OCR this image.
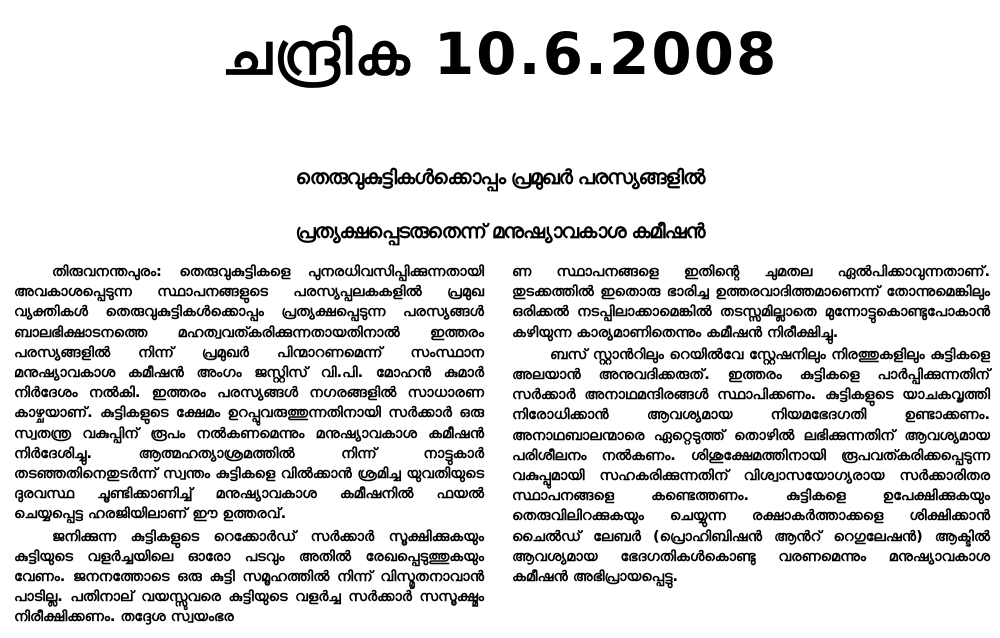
ചന്ദ്രിക 10.6.2008
തെരുവുകുട്ടികൾക്കൊപ്പം പ്രമുഖർ പരസ്യങ്ങളിൽ
പ്രത്യക്ഷപ്പെടരുതെന്ന് മനുഷ്യാവകാശ കമീഷൻ

തിരുവനന്തപുരം: തെരുവുകുട്ടികളെ പുനരധിവസിപ്പിക്കുന്നതായി അവകാശപ്പെടുന്ന സ്ഥാപനങ്ങളുടെ പരസ്യപ്പലകകളിൽ പ്രമുഖ വ്യക്തികൾ തെരുവുകുട്ടികൾക്കൊപ്പം പ്രത്യക്ഷപ്പെടുന്ന പരസ്യങ്ങൾ ബാലഭിക്ഷാടനത്തെ മഹത്വവത്കരിക്കുന്നതായതിനാൽ ഇത്തരം പരസ്യങ്ങളിൽ നിന്ന് പ്രമുഖർ പിന്മാറണമെന്ന് സംസ്ഥാന മനുഷ്യാവകാശ കമീഷൻ അംഗം ജസ്റ്റിസ് വി.പി. മോഹൻ കുമാർ നിർദേശം നൽകി. ഇത്തരം പരസ്യങ്ങൾ നഗരങ്ങളിൽ സാധാരണ കാഴ്ചയാണ്. കുട്ടികളുടെ ക്ഷേമം ഉറപ്പുവരുത്തുന്നതിനായി സർക്കാർ ഒരു സ്വതന്ത്ര വകുപ്പിന് രൂപം നൽകണമെന്നും മനുഷ്യാവകാശ കമീഷൻ നിർദേശിച്ചു. ആത്മഹത്യാശ്രമത്തിൽ നിന്ന് നാട്ടുകാർ തടഞ്ഞതിനെതുടർന്ന് സ്വന്തം കുട്ടികളെ വിൽക്കാൻ ശ്രമിച്ച യുവതിയുടെ ദുരവസ്ഥ ചൂണ്ടിക്കാണിച്ച് മനുഷ്യാവകാശ കമീഷനിൽ ഫയൽ ചെയ്യപ്പെട്ട ഹരജിയിലാണ് ഈ ഉത്തരവ്.

ജനിക്കുന്ന കുട്ടികളുടെ റെക്കോർഡ് സർക്കാർ സൂക്ഷിക്കുകയും കുട്ടിയുടെ വളർച്ചയിലെ ഓരോ പടവും അതിൽ രേഖപ്പെടുത്തുകയും വേണം. ജനനത്തോടെ ഒരു കുട്ടി സമൂഹത്തിൽ നിന്ന് വിസ്മൃതനാവാൻ പാടില്ല. പതിനാല് വയസ്സുവരെ കുട്ടിയുടെ വളർച്ച സർക്കാർ സസൂക്ഷ്മം നിരീക്ഷിക്കണം. തദ്ദേശ സ്വയംഭര

ണ സ്ഥാപനങ്ങളെ ഇതിന്റെ ചുമതല ഏൽപിക്കാവുന്നതാണ്. തുടക്കത്തിൽ ഇതൊരു ഭാരിച്ച ഉത്തരവാദിത്തമാണെന്ന് തോന്നുമെങ്കിലും ഒരിക്കൽ നടപ്പിലാക്കാമെങ്കിൽ തടസ്സമില്ലാതെ മുന്നോട്ടുകൊണ്ടുപോകാൻ കഴിയുന്ന കാര്യമാണിതെന്നും കമീഷൻ നിരീക്ഷിച്ചു.

ബസ് സ്റ്റാൻറിലും റെയിൽവേ സ്റ്റേഷനിലും നിരത്തുകളിലും കുട്ടികളെ അലയാൻ അനുവദിക്കരുത്. ഇത്തരം കുട്ടികളെ പാർപ്പിക്കുന്നതിന് സർക്കാർ അനാഥമന്ദിരങ്ങൾ സ്ഥാപിക്കണം. കുട്ടികളുടെ യാചകവൃത്തി നിരോധിക്കാൻ ആവശ്യമായ നിയമഭേദഗതി ഉണ്ടാക്കണം. അനാഥബാലന്മാരെ ഏറ്റെടുത്ത് തൊഴിൽ ലഭിക്കുന്നതിന് ആവശ്യമായ പരിശീലനം നൽകണം. ശിശുക്ഷേമത്തിനായി രൂപവത്കരിക്കപ്പെടുന്ന വകുപ്പുമായി സഹകരിക്കുന്നതിന് വിശ്വാസയോഗ്യരായ സർക്കാരിതര സ്ഥാപനങ്ങളെ കണ്ടെത്തണം. കുട്ടികളെ ഉപേക്ഷിക്കുകയും തെരുവിലിറക്കുകയും ചെയ്യുന്ന രക്ഷാകർത്താക്കളെ ശിക്ഷിക്കാൻ ചൈൽഡ് ലേബർ (പ്രൊഹിബിഷൻ ആൻറ് റെഗുലേഷൻ) ആക്ടിൽ ആവശ്യമായ ഭേദഗതികൾകൊണ്ടു വരണമെന്നും മനുഷ്യാവകാശ കമീഷൻ അഭിപ്രായപ്പെട്ടു.
